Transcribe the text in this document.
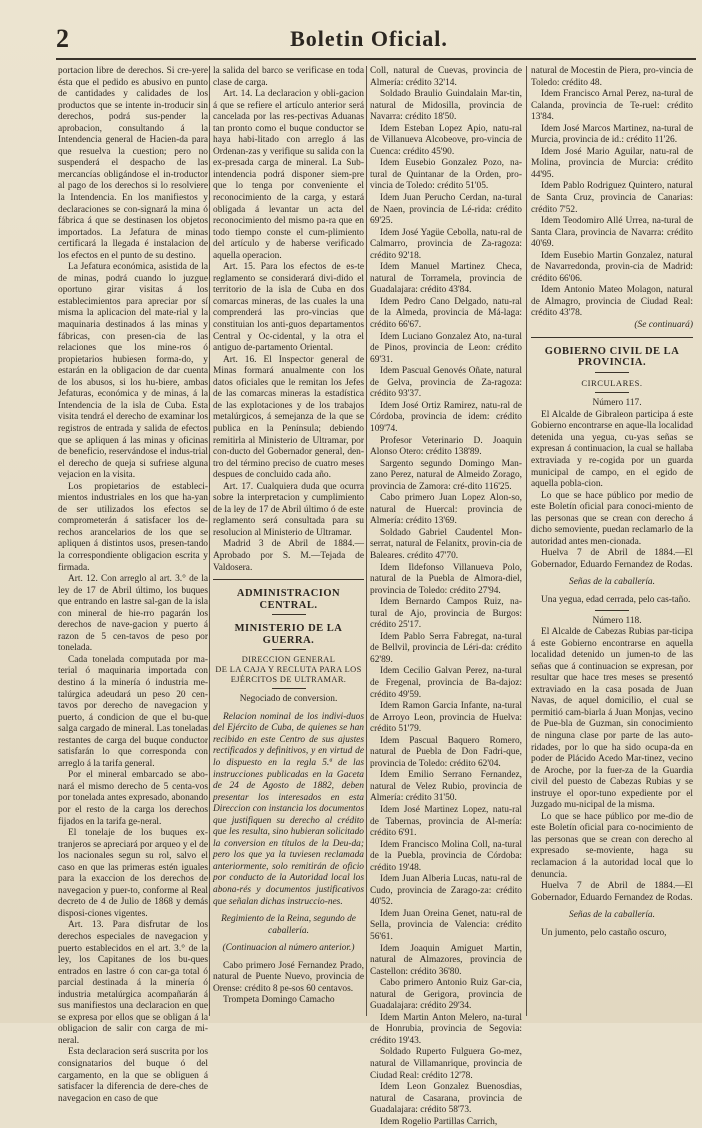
2	Boletin Oficial.

portacion libre de derechos. Si cre-yere ésta que el pedido es abusivo en punto de cantidades y calidades de los productos que se intente in-troducir sin derechos, podrá sus-pender la aprobacion, consultando á la Intendencia general de Hacien-da para que resuelva la cuestion; pero no suspenderá el despacho de las mercancías obligándose el in-troductor al pago de los derechos si lo resolviere la Intendencia. En los manifiestos y declaraciones se con-signará la mina ó fábrica á que se destinasen los objetos importados. La Jefatura de minas certificará la llegada é instalacion de los efectos en el punto de su destino.

La Jefatura económica, asistida de la de minas, podrá cuando lo juzgue oportuno girar visitas á los establecimientos para apreciar por sí misma la aplicacion del mate-rial y la maquinaria destinados á las minas y fábricas, con presen-cia de las relaciones que los mine-ros ó propietarios hubiesen forma-do, y estarán en la obligacion de dar cuenta de los abusos, si los hu-biere, ambas Jefaturas, económica y de minas, á la Intendencia de la isla de Cuba. Esta visita tendrá el derecho de examinar los registros de entrada y salida de efectos que se apliquen á las minas y oficinas de beneficio, reservándose el indus-trial el derecho de queja si sufriese alguna vejacion en la visita.

Los propietarios de estableci-mientos industriales en los que ha-yan de ser utilizados los efectos se comprometerán á satisfacer los de-rechos arancelarios de los que se apliquen á distintos usos, presen-tando la correspondiente obligacion escrita y firmada.

Art. 12. Con arreglo al art. 3.° de la ley de 17 de Abril último, los buques que entrando en lastre sal-gan de la isla con mineral de hie-rro pagarán los derechos de nave-gacion y puerto á razon de 5 cen-tavos de peso por tonelada.

Cada tonelada computada por ma-terial ó maquinaria importada con destino á la minería ó industria me-talúrgica adeudará un peso 20 cen-tavos por derecho de navegacion y puerto, á condicion de que el bu-que salga cargado de mineral. Las toneladas restantes de carga del buque conductor satisfarán lo que corresponda con arreglo á la tarifa general.

Por el mineral embarcado se abo-nará el mismo derecho de 5 centa-vos por tonelada antes expresado, abonando por el resto de la carga los derechos fijados en la tarifa ge-neral.

El tonelaje de los buques ex-tranjeros se apreciará por arqueo y el de los nacionales segun su rol, salvo el caso en que las primeras estén iguales para la exaccion de los derechos de navegacion y puer-to, conforme al Real decreto de 4 de Julio de 1868 y demás disposi-ciones vigentes.

Art. 13. Para disfrutar de los derechos especiales de navegacion y puerto establecidos en el art. 3.° de la ley, los Capitanes de los bu-ques entrados en lastre ó con car-ga total ó parcial destinada á la minería ó industria metalúrgica acompañarán á sus manifiestos una declaracion en que se expresa por ellos que se obligan á la obligacion de salir con carga de mi-neral.

Esta declaracion será suscrita por los consignatarios del buque ó del cargamento, en la que se obliguen á satisfacer la diferencia de dere-ches de navegacion en caso de que

la salida del barco se verificase en toda clase de carga.

Art. 14. La declaracion y obli-gacion á que se refiere el artículo anterior será cancelada por las res-pectivas Aduanas tan pronto como el buque conductor se haya habi-litado con arreglo á las Ordenan-zas y verifique su salida con la ex-presada carga de mineral. La Sub-intendencia podrá disponer siem-pre que lo tenga por conveniente el reconocimiento de la carga, y estará obligada á levantar un acta del reconocimiento del mismo pa-ra que en todo tiempo conste el cum-plimiento del artículo y de haberse verificado aquella operacion.

Art. 15. Para los efectos de es-te reglamento se considerará divi-dido el territorio de la isla de Cuba en dos comarcas mineras, de las cuales la una comprenderá las pro-vincias que constituian los anti-guos departamentos Central y Oc-cidental, y la otra el antiguo de-partamento Oriental.

Art. 16. El Inspector general de Minas formará anualmente con los datos oficiales que le remitan los Jefes de las comarcas mineras la estadística de las explotaciones y de los trabajos metalúrgicos, á semejanza de la que se publica en la Península; debiendo remitirla al Ministerio de Ultramar, por con-ducto del Gobernador general, den-tro del término preciso de cuatro meses despues de concluido cada año.

Art. 17. Cualquiera duda que ocurra sobre la interpretacion y cumplimiento de la ley de 17 de Abril último ó de este reglamento será consultada para su resolucion al Ministerio de Ultramar.

Madrid 3 de Abril de 1884.— Aprobado por S. M.—Tejada de Valdosera.

ADMINISTRACION CENTRAL.
MINISTERIO DE LA GUERRA.
DIRECCION GENERAL
DE LA CAJA Y RECLUTA PARA LOS
EJÉRCITOS DE ULTRAMAR.

Negociado de conversion.

Relacion nominal de los indivi-duos del Ejército de Cuba, de quienes se han recibido en este Centro de sus ajustes rectificados y definitivos, y en virtud de lo dispuesto en la regla 5.ª de las instrucciones publicadas en la Gaceta de 24 de Agosto de 1882, deben presentar los interesados en esta Direccion con instancia los documentos que justifiquen su derecho al crédito que les resulta, sino hubieran solicitado la conversion en títulos de la Deu-da; pero los que ya la tuviesen reclamada anteriormente, solo remitirán de oficio por conducto de la Autoridad local los abona-rés y documentos justificativos que señalan dichas instruccio-nes.

Regimiento de la Reina, segundo de caballería.

(Continuacion al número anterior.)

Cabo primero José Fernandez Prado, natural de Puente Nuevo, provincia de Orense: crédito 8 pe-sos 60 centavos.

Trompeta Domingo Camacho

Coll, natural de Cuevas, provincia de Almería: crédito 32'14.

Soldado Braulio Guindalain Mar-tin, natural de Midosilla, provincia de Navarra: crédito 18'50.

Idem Esteban Lopez Apio, natu-ral de Villanueva Alcobeove, pro-vincia de Cuenca: crédito 45'90.

Idem Eusebio Gonzalez Pozo, na-tural de Quintanar de la Orden, pro-vincia de Toledo: crédito 51'05.

Idem Juan Perucho Cerdan, na-tural de Naen, provincia de Lé-rida: crédito 69'25.

Idem José Yagüe Cebolla, natu-ral de Calmarro, provincia de Za-ragoza: crédito 92'18.

Idem Manuel Martinez Checa, natural de Torramela, provincia de Guadalajara: crédito 43'84.

Idem Pedro Cano Delgado, natu-ral de la Almeda, provincia de Má-laga: crédito 66'67.

Idem Luciano Gonzalez Ato, na-tural de Pinos, provincia de Leon: crédito 69'31.

Idem Pascual Genovés Oñate, natural de Gelva, provincia de Za-ragoza: crédito 93'37.

Idem José Ortiz Ramirez, natu-ral de Córdoba, provincia de idem: crédito 109'74.

Profesor Veterinario D. Joaquin Alonso Otero: crédito 138'89.

Sargento segundo Domingo Man-zano Perez, natural de Almeido Zorago, provincia de Zamora: cré-dito 116'25.

Cabo primero Juan Lopez Alon-so, natural de Huercal: provincia de Almería: crédito 13'69.

Soldado Gabriel Caudentel Mon-serrat, natural de Felanitx, provin-cia de Baleares. crédito 47'70.

Idem Ildefonso Villanueva Polo, natural de la Puebla de Almora-diel, provincia de Toledo: crédito 27'94.

Idem Bernardo Campos Ruiz, na-tural de Ajo, provincia de Burgos: crédito 25'17.

Idem Pablo Serra Fabregat, na-tural de Bellvil, provincia de Léri-da: crédito 62'89.

Idem Cecilio Galvan Perez, na-tural de Fregenal, provincia de Ba-dajoz: crédito 49'59.

Idem Ramon Garcia Infante, na-tural de Arroyo Leon, provincia de Huelva: crédito 51'79.

Idem Pascual Baquero Romero, natural de Puebla de Don Fadri-que, provincia de Toledo: crédito 62'04.

Idem Emilio Serrano Fernandez, natural de Velez Rubio, provincia de Almería: crédito 31'50.

Idem José Martinez Lopez, natu-ral de Tabernas, provincia de Al-mería: crédito 6'91.

Idem Francisco Molina Coll, na-tural de la Puebla, provincia de Córdoba: crédito 19'48.

Idem Juan Alberia Lucas, natu-ral de Cudo, provincia de Zarago-za: crédito 40'52.

Idem Juan Oreina Genet, natu-ral de Sella, provincia de Valencia: crédito 56'61.

Idem Joaquin Amiguet Martin, natural de Almazores, provincia de Castellon: crédito 36'80.

Cabo primero Antonio Ruiz Gar-cia, natural de Gerigora, provincia de Guadalajara: crédito 29'34.

Idem Martin Anton Melero, na-tural de Honrubia, provincia de Segovia: crédito 19'43.

Soldado Ruperto Fulguera Go-mez, natural de Villamanrique, provincia de Ciudad Real: crédito 12'78.

Idem Leon Gonzalez Buenosdias, natural de Casarana, provincia de Guadalajara: crédito 58'73.

Idem Rogelio Partillas Carrich,

natural de Mocestin de Piera, pro-vincia de Toledo: crédito 48.

Idem Francisco Arnal Perez, na-tural de Calanda, provincia de Te-ruel: crédito 13'84.

Idem José Marcos Martinez, na-tural de Murcia, provincia de id.: crédito 11'26.

Idem José Mario Aguilar, natu-ral de Molina, provincia de Murcia: crédito 44'95.

Idem Pablo Rodriguez Quintero, natural de Santa Cruz, provincia de Canarias: crédito 7'52.

Idem Teodomiro Allé Urrea, na-tural de Santa Clara, provincia de Navarra: crédito 40'69.

Idem Eusebio Martin Gonzalez, natural de Navarredonda, provin-cia de Madrid: crédito 66'06.

Idem Antonio Mateo Molagon, natural de Almagro, provincia de Ciudad Real: crédito 43'78.

(Se continuará)

GOBIERNO CIVIL DE LA PROVINCIA.

CIRCULARES.

Número 117.

El Alcalde de Gibraleon participa á este Gobierno encontrarse en aque-lla localidad detenida una yegua, cu-yas señas se expresan á continuacion, la cual se hallaba extraviada y re-cogida por un guarda municipal de campo, en el egido de aquella pobla-cion.

Lo que se hace público por medio de este Boletín oficial para conoci-miento de las personas que se crean con derecho á dicho semoviente, puedan reclamarlo de la autoridad antes men-cionada.

Huelva 7 de Abril de 1884.—El Gobernador, Eduardo Fernandez de Rodas.

Señas de la caballería.

Una yegua, edad cerrada, pelo cas-taño.

Número 118.

El Alcalde de Cabezas Rubias par-ticipa á este Gobierno encontrarse en aquella localidad detenido un jumen-to de las señas que á continuacion se expresan, por resultar que hace tres meses se presentó extraviado en la casa posada de Juan Navas, de aquel domicilio, el cual se permitió cam-biarla á Juan Monjas, vecino de Pue-bla de Guzman, sin conocimiento de ninguna clase por parte de las auto-ridades, por lo que ha sido ocupa-da en poder de Plácido Acedo Mar-tinez, vecino de Aroche, por la fuer-za de la Guardia civil del puesto de Cabezas Rubias y se instruye el opor-tuno expediente por el Juzgado mu-nicipal de la misma.

Lo que se hace público por me-dio de este Boletín oficial para co-nocimiento de las personas que se crean con derecho al expresado se-moviente, haga su reclamacion á la autoridad local que lo denuncia.

Huelva 7 de Abril de 1884.—El Gobernador, Eduardo Fernandez de Rodas.

Señas de la caballería.

Un jumento, pelo castaño oscuro,
